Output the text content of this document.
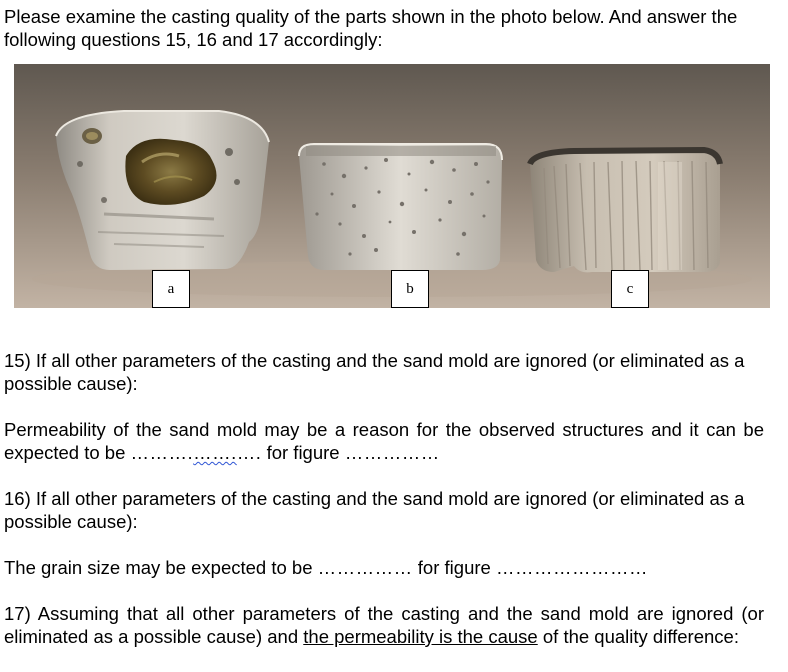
Please examine the casting quality of the parts shown in the photo below. And answer the following questions 15, 16 and 17 accordingly:

a	b	c

15) If all other parameters of the casting and the sand mold are ignored (or eliminated as a possible cause):

Permeability of the sand mold may be a reason for the observed structures and it can be expected to be ……….…….…. for figure ……………

16) If all other parameters of the casting and the sand mold are ignored (or eliminated as a possible cause):

The grain size may be expected to be …………… for figure ……………………

17) Assuming that all other parameters of the casting and the sand mold are ignored (or eliminated as a possible cause) and the permeability is the cause of the quality difference:
